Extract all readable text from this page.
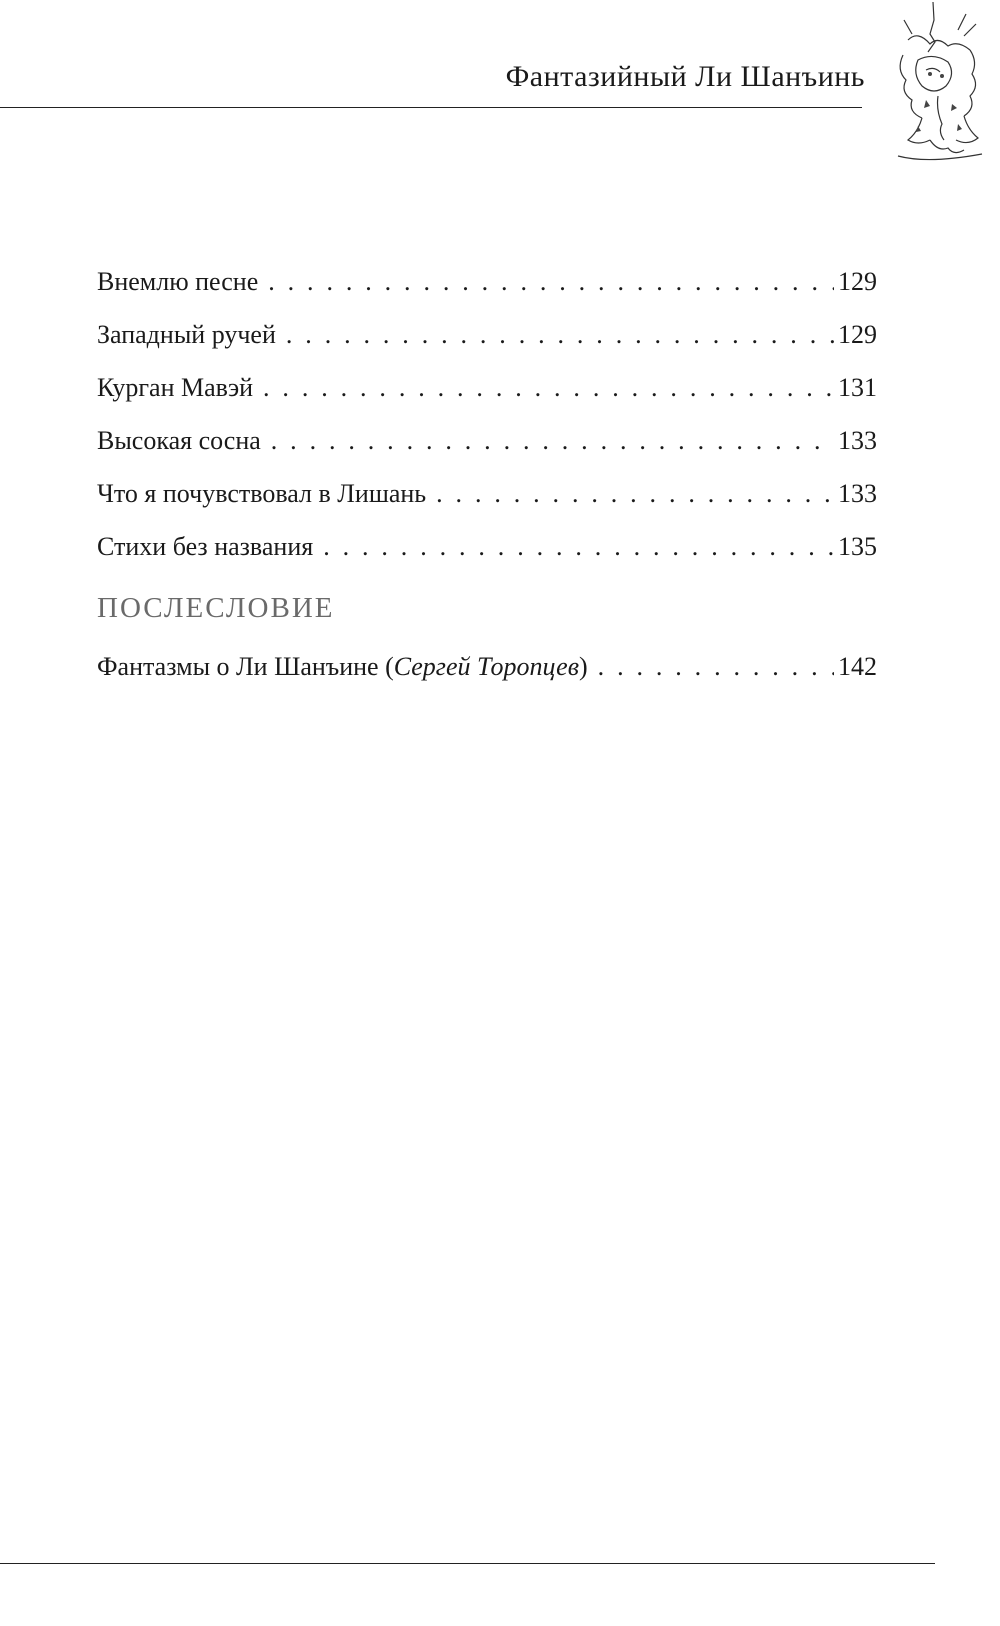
Фантазийный Ли Шанъинь
Внемлю песне . . .	129
Западный ручей . . .	129
Курган Мавэй . . .	131
Высокая сосна . . .	133
Что я почувствовал в Лишань . . .	133
Стихи без названия . . .	135
ПОСЛЕСЛОВИЕ
Фантазмы о Ли Шанъине (Сергей Торопцев) . . .	142
